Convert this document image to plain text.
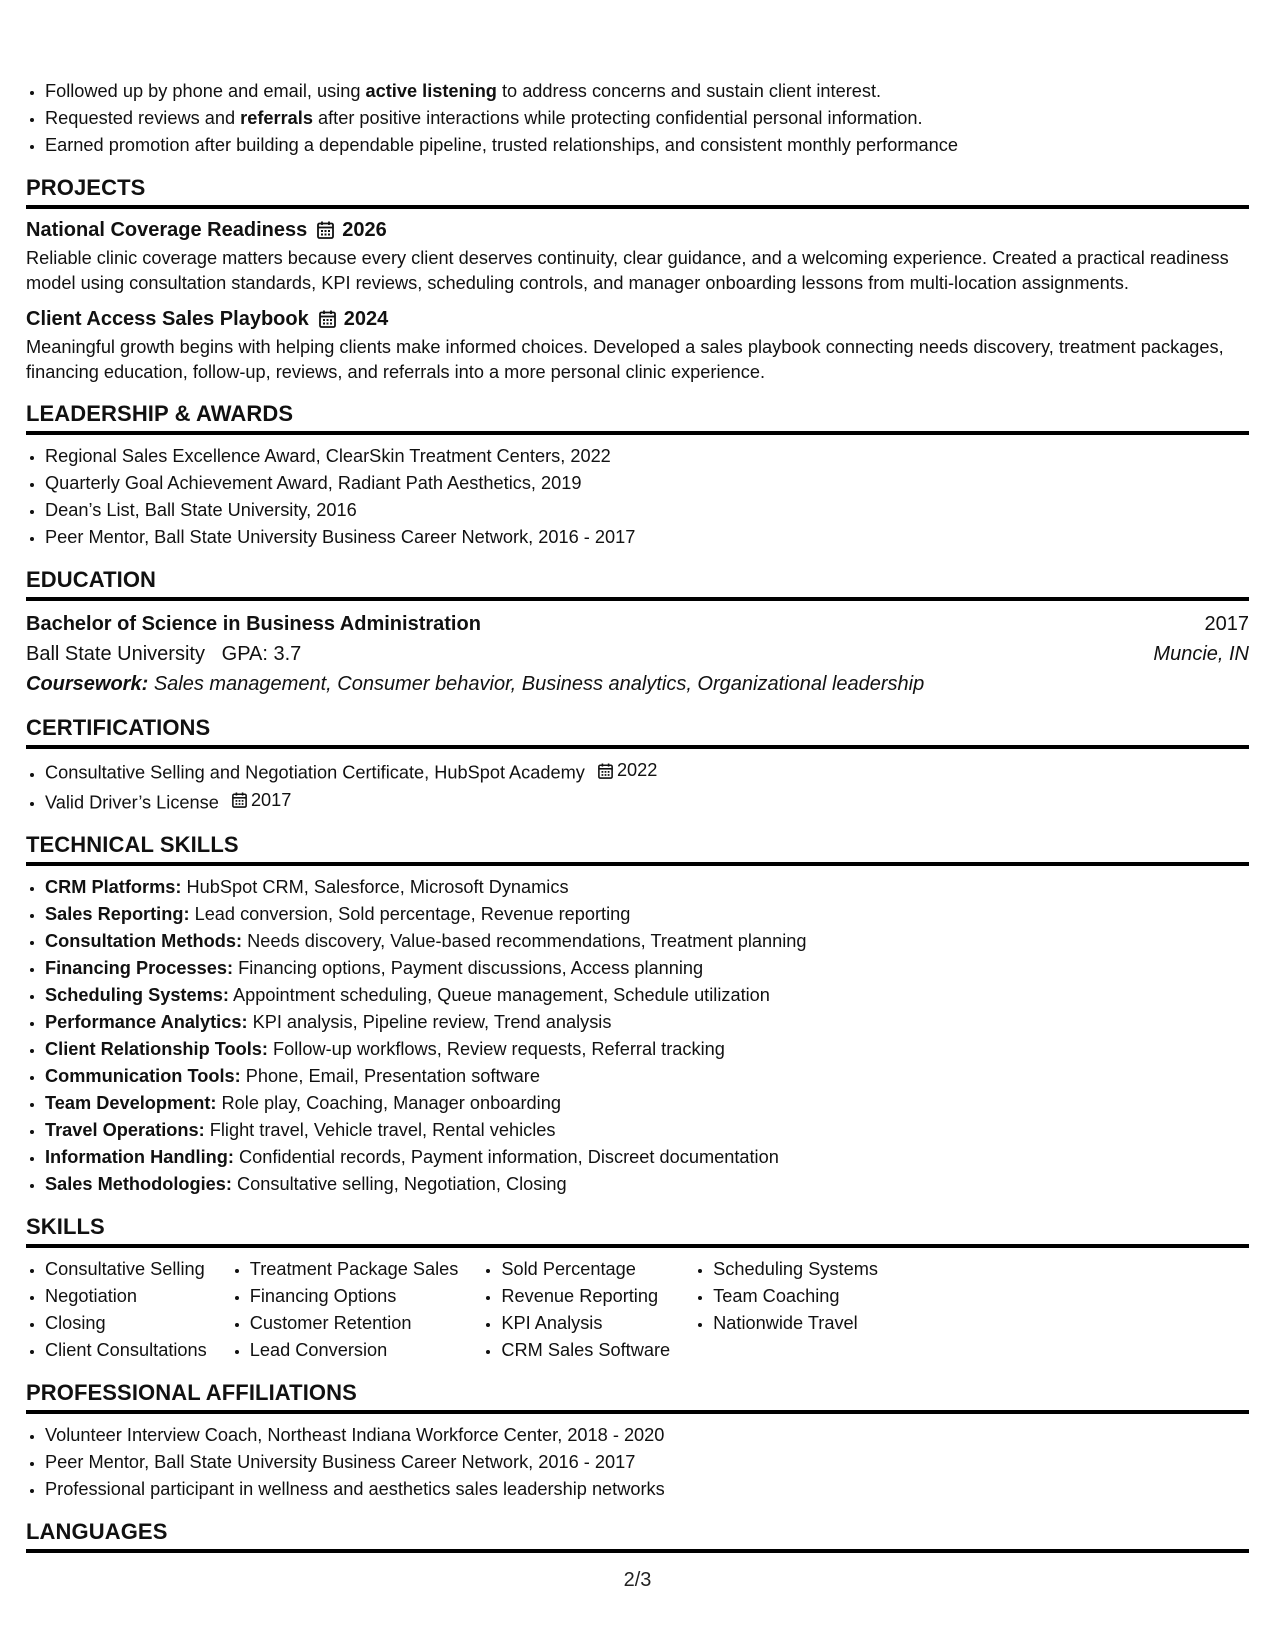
• Followed up by phone and email, using active listening to address concerns and sustain client interest.
• Requested reviews and referrals after positive interactions while protecting confidential personal information.
• Earned promotion after building a dependable pipeline, trusted relationships, and consistent monthly performance
PROJECTS
National Coverage Readiness 2026
Reliable clinic coverage matters because every client deserves continuity, clear guidance, and a welcoming experience. Created a practical readiness model using consultation standards, KPI reviews, scheduling controls, and manager onboarding lessons from multi-location assignments.
Client Access Sales Playbook 2024
Meaningful growth begins with helping clients make informed choices. Developed a sales playbook connecting needs discovery, treatment packages, financing education, follow-up, reviews, and referrals into a more personal clinic experience.
LEADERSHIP & AWARDS
• Regional Sales Excellence Award, ClearSkin Treatment Centers, 2022
• Quarterly Goal Achievement Award, Radiant Path Aesthetics, 2019
• Dean’s List, Ball State University, 2016
• Peer Mentor, Ball State University Business Career Network, 2016 - 2017
EDUCATION
Bachelor of Science in Business Administration	2017
Ball State University GPA: 3.7	Muncie, IN
Coursework: Sales management, Consumer behavior, Business analytics, Organizational leadership
CERTIFICATIONS
• Consultative Selling and Negotiation Certificate, HubSpot Academy 2022
• Valid Driver’s License 2017
TECHNICAL SKILLS
• CRM Platforms: HubSpot CRM, Salesforce, Microsoft Dynamics
• Sales Reporting: Lead conversion, Sold percentage, Revenue reporting
• Consultation Methods: Needs discovery, Value-based recommendations, Treatment planning
• Financing Processes: Financing options, Payment discussions, Access planning
• Scheduling Systems: Appointment scheduling, Queue management, Schedule utilization
• Performance Analytics: KPI analysis, Pipeline review, Trend analysis
• Client Relationship Tools: Follow-up workflows, Review requests, Referral tracking
• Communication Tools: Phone, Email, Presentation software
• Team Development: Role play, Coaching, Manager onboarding
• Travel Operations: Flight travel, Vehicle travel, Rental vehicles
• Information Handling: Confidential records, Payment information, Discreet documentation
• Sales Methodologies: Consultative selling, Negotiation, Closing
SKILLS
• Consultative Selling
• Negotiation
• Closing
• Client Consultations
• Treatment Package Sales
• Financing Options
• Customer Retention
• Lead Conversion
• Sold Percentage
• Revenue Reporting
• KPI Analysis
• CRM Sales Software
• Scheduling Systems
• Team Coaching
• Nationwide Travel
PROFESSIONAL AFFILIATIONS
• Volunteer Interview Coach, Northeast Indiana Workforce Center, 2018 - 2020
• Peer Mentor, Ball State University Business Career Network, 2016 - 2017
• Professional participant in wellness and aesthetics sales leadership networks
LANGUAGES
2/3
